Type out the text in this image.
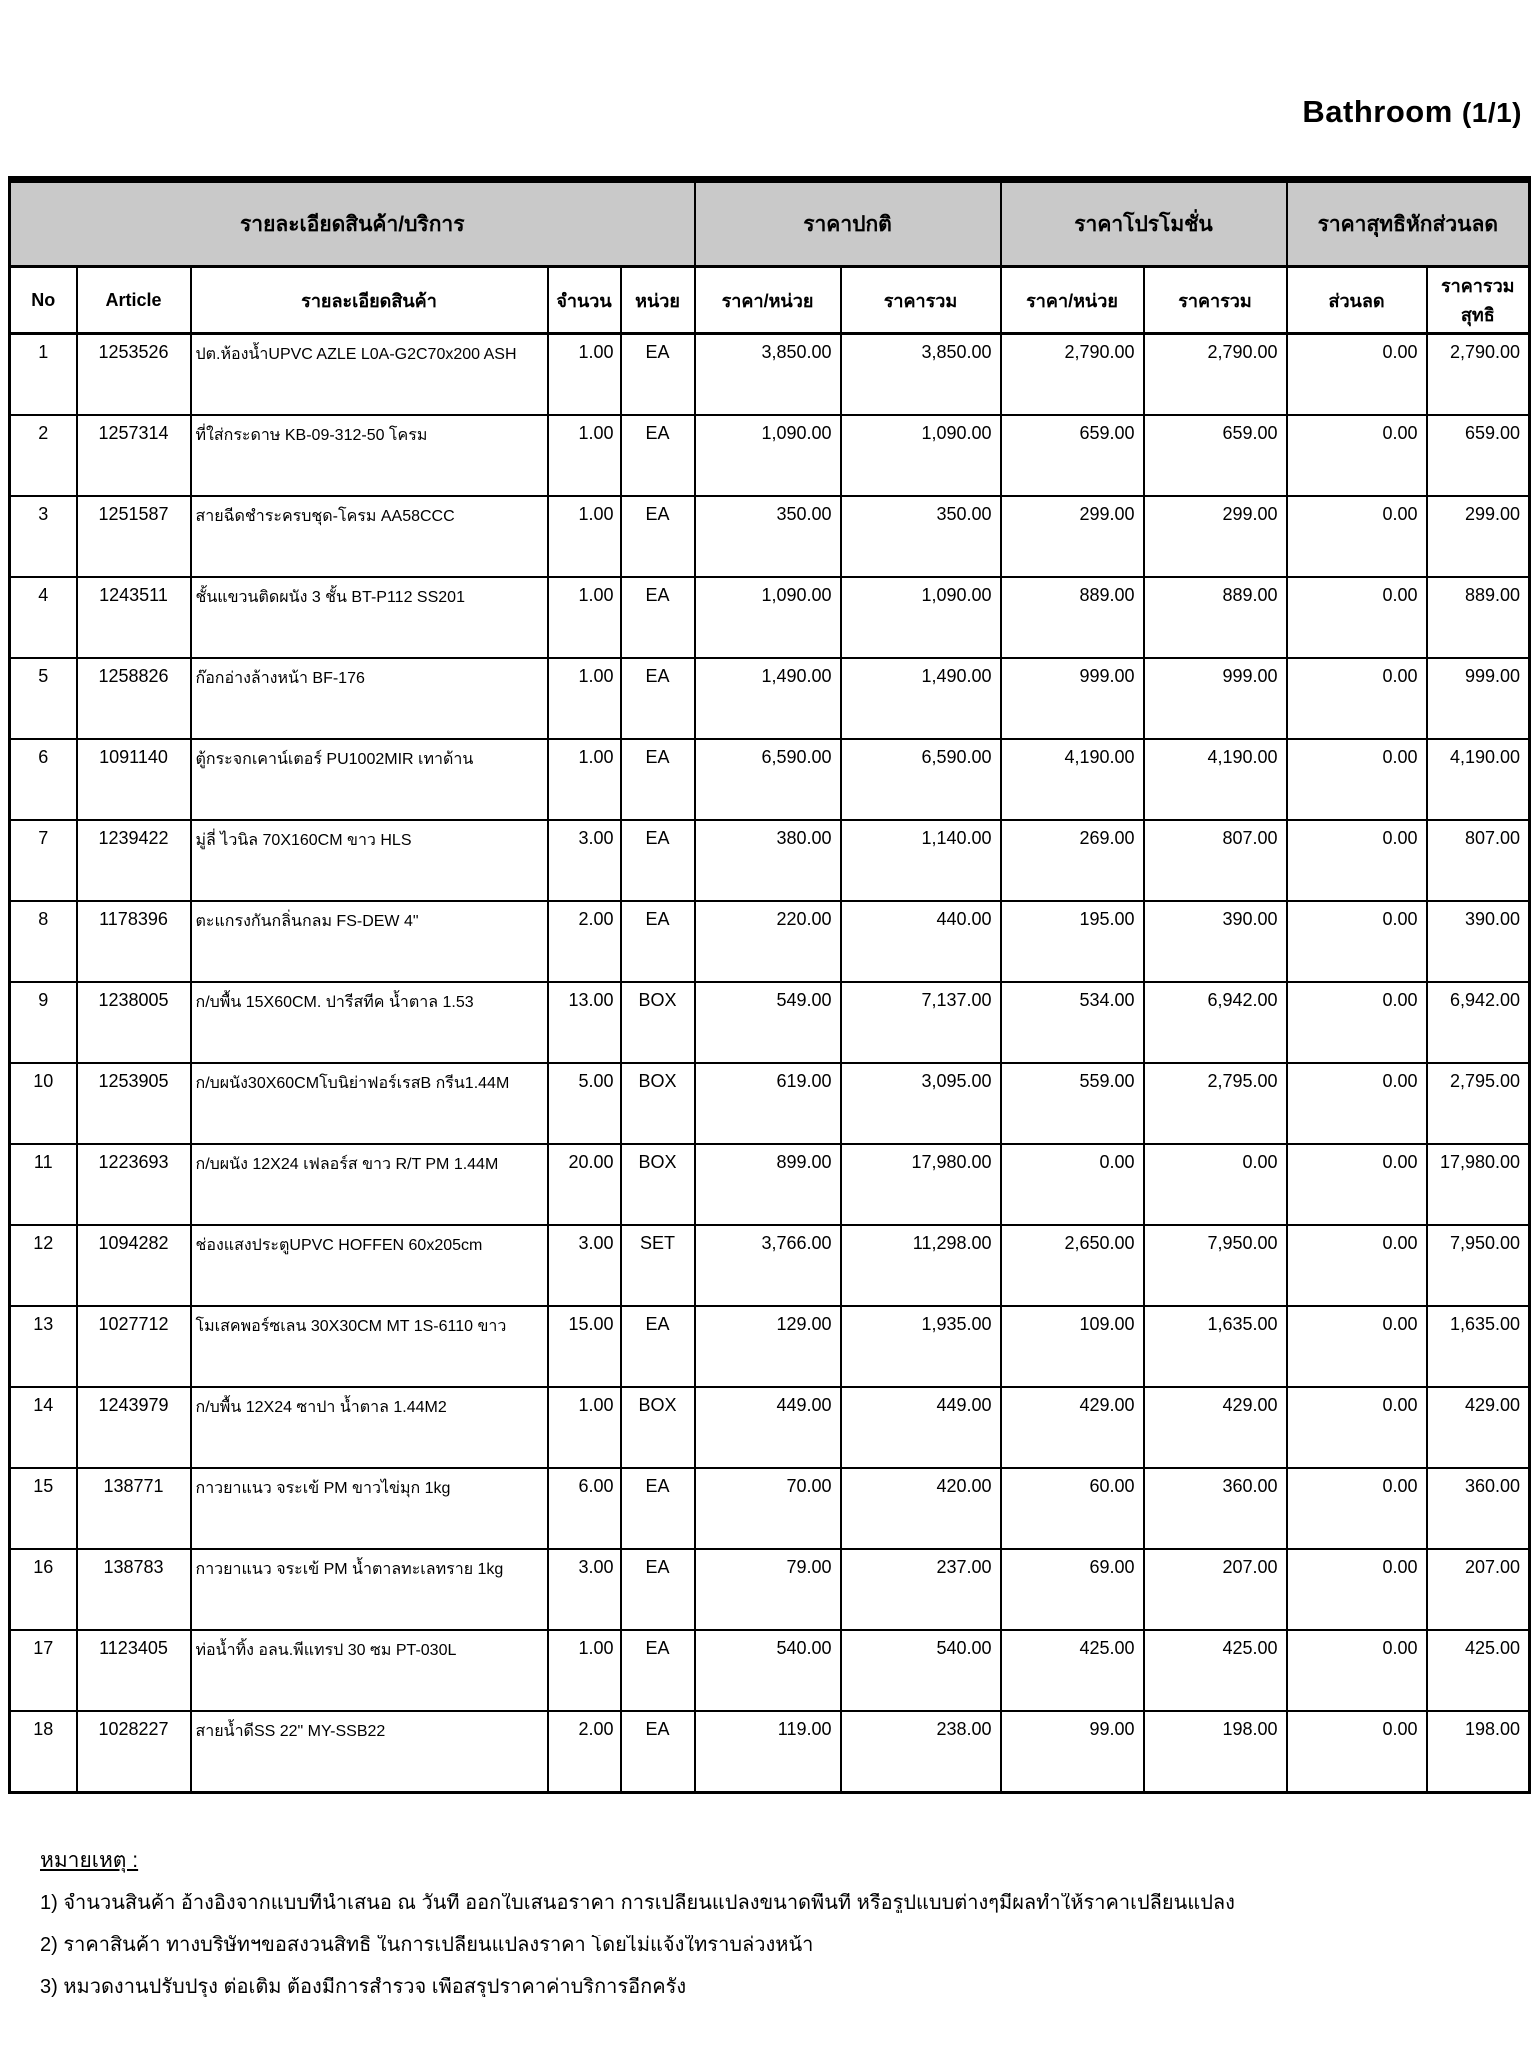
Bathroom (1/1)
รายละเอียดสินค้า/บริการ					ราคาปกติ		ราคาโปรโมชั่น		ราคาสุทธิหักส่วนลด	
No	Article	รายละเอียดสินค้า	จำนวน	หน่วย	ราคา/หน่วย	ราคารวม	ราคา/หน่วย	ราคารวม	ส่วนลด	ราคารวมสุทธิ
1	1253526	ปต.ห้องน้ำUPVC AZLE L0A-G2C70x200 ASH	1.00	EA	3,850.00	3,850.00	2,790.00	2,790.00	0.00	2,790.00
2	1257314	ที่ใส่กระดาษ KB-09-312-50 โครม	1.00	EA	1,090.00	1,090.00	659.00	659.00	0.00	659.00
3	1251587	สายฉีดชำระครบชุด-โครม AA58CCC	1.00	EA	350.00	350.00	299.00	299.00	0.00	299.00
4	1243511	ชั้นแขวนติดผนัง 3 ชั้น BT-P112 SS201	1.00	EA	1,090.00	1,090.00	889.00	889.00	0.00	889.00
5	1258826	ก๊อกอ่างล้างหน้า BF-176	1.00	EA	1,490.00	1,490.00	999.00	999.00	0.00	999.00
6	1091140	ตู้กระจกเคาน์เตอร์ PU1002MIR เทาด้าน	1.00	EA	6,590.00	6,590.00	4,190.00	4,190.00	0.00	4,190.00
7	1239422	มู่ลี่ ไวนิล 70X160CM ขาว HLS	3.00	EA	380.00	1,140.00	269.00	807.00	0.00	807.00
8	1178396	ตะแกรงกันกลิ่นกลม FS-DEW 4"	2.00	EA	220.00	440.00	195.00	390.00	0.00	390.00
9	1238005	ก/บพื้น 15X60CM. ปารีสทีค น้ำตาล 1.53	13.00	BOX	549.00	7,137.00	534.00	6,942.00	0.00	6,942.00
10	1253905	ก/บผนัง30X60CMโบนิย่าฟอร์เรสB กรีน1.44M	5.00	BOX	619.00	3,095.00	559.00	2,795.00	0.00	2,795.00
11	1223693	ก/บผนัง 12X24 เฟลอร์ส ขาว R/T PM 1.44M	20.00	BOX	899.00	17,980.00	0.00	0.00	0.00	17,980.00
12	1094282	ช่องแสงประตูUPVC HOFFEN 60x205cm	3.00	SET	3,766.00	11,298.00	2,650.00	7,950.00	0.00	7,950.00
13	1027712	โมเสคพอร์ซเลน 30X30CM MT 1S-6110 ขาว	15.00	EA	129.00	1,935.00	109.00	1,635.00	0.00	1,635.00
14	1243979	ก/บพื้น 12X24 ซาปา น้ำตาล 1.44M2	1.00	BOX	449.00	449.00	429.00	429.00	0.00	429.00
15	138771	กาวยาแนว จระเข้ PM ขาวไข่มุก 1kg	6.00	EA	70.00	420.00	60.00	360.00	0.00	360.00
16	138783	กาวยาแนว จระเข้ PM น้ำตาลทะเลทราย 1kg	3.00	EA	79.00	237.00	69.00	207.00	0.00	207.00
17	1123405	ท่อน้ำทิ้ง อลน.พีแทรป 30 ซม PT-030L	1.00	EA	540.00	540.00	425.00	425.00	0.00	425.00
18	1028227	สายน้ำดีSS 22" MY-SSB22	2.00	EA	119.00	238.00	99.00	198.00	0.00	198.00
หมายเหตุ :
1) จำนวนสินค้า อ้างอิงจากแบบที่นำเสนอ ณ วันที่ ออกใบเสนอราคา การเปลี่ยนแปลงขนาดพื้นที่ หรือรูปแบบต่างๆมีผลทำให้ราคาเปลี่ยนแปลง
2) ราคาสินค้า ทางบริษัทฯขอสงวนสิทธิ์ ในการเปลี่ยนแปลงราคา โดยไม่แจ้งใทราบล่วงหน้า
3) หมวดงานปรับปรุง ต่อเติม ต้องมีการสำรวจ เพื่อสรุปราคาค่าบริการอีกครั้ง
